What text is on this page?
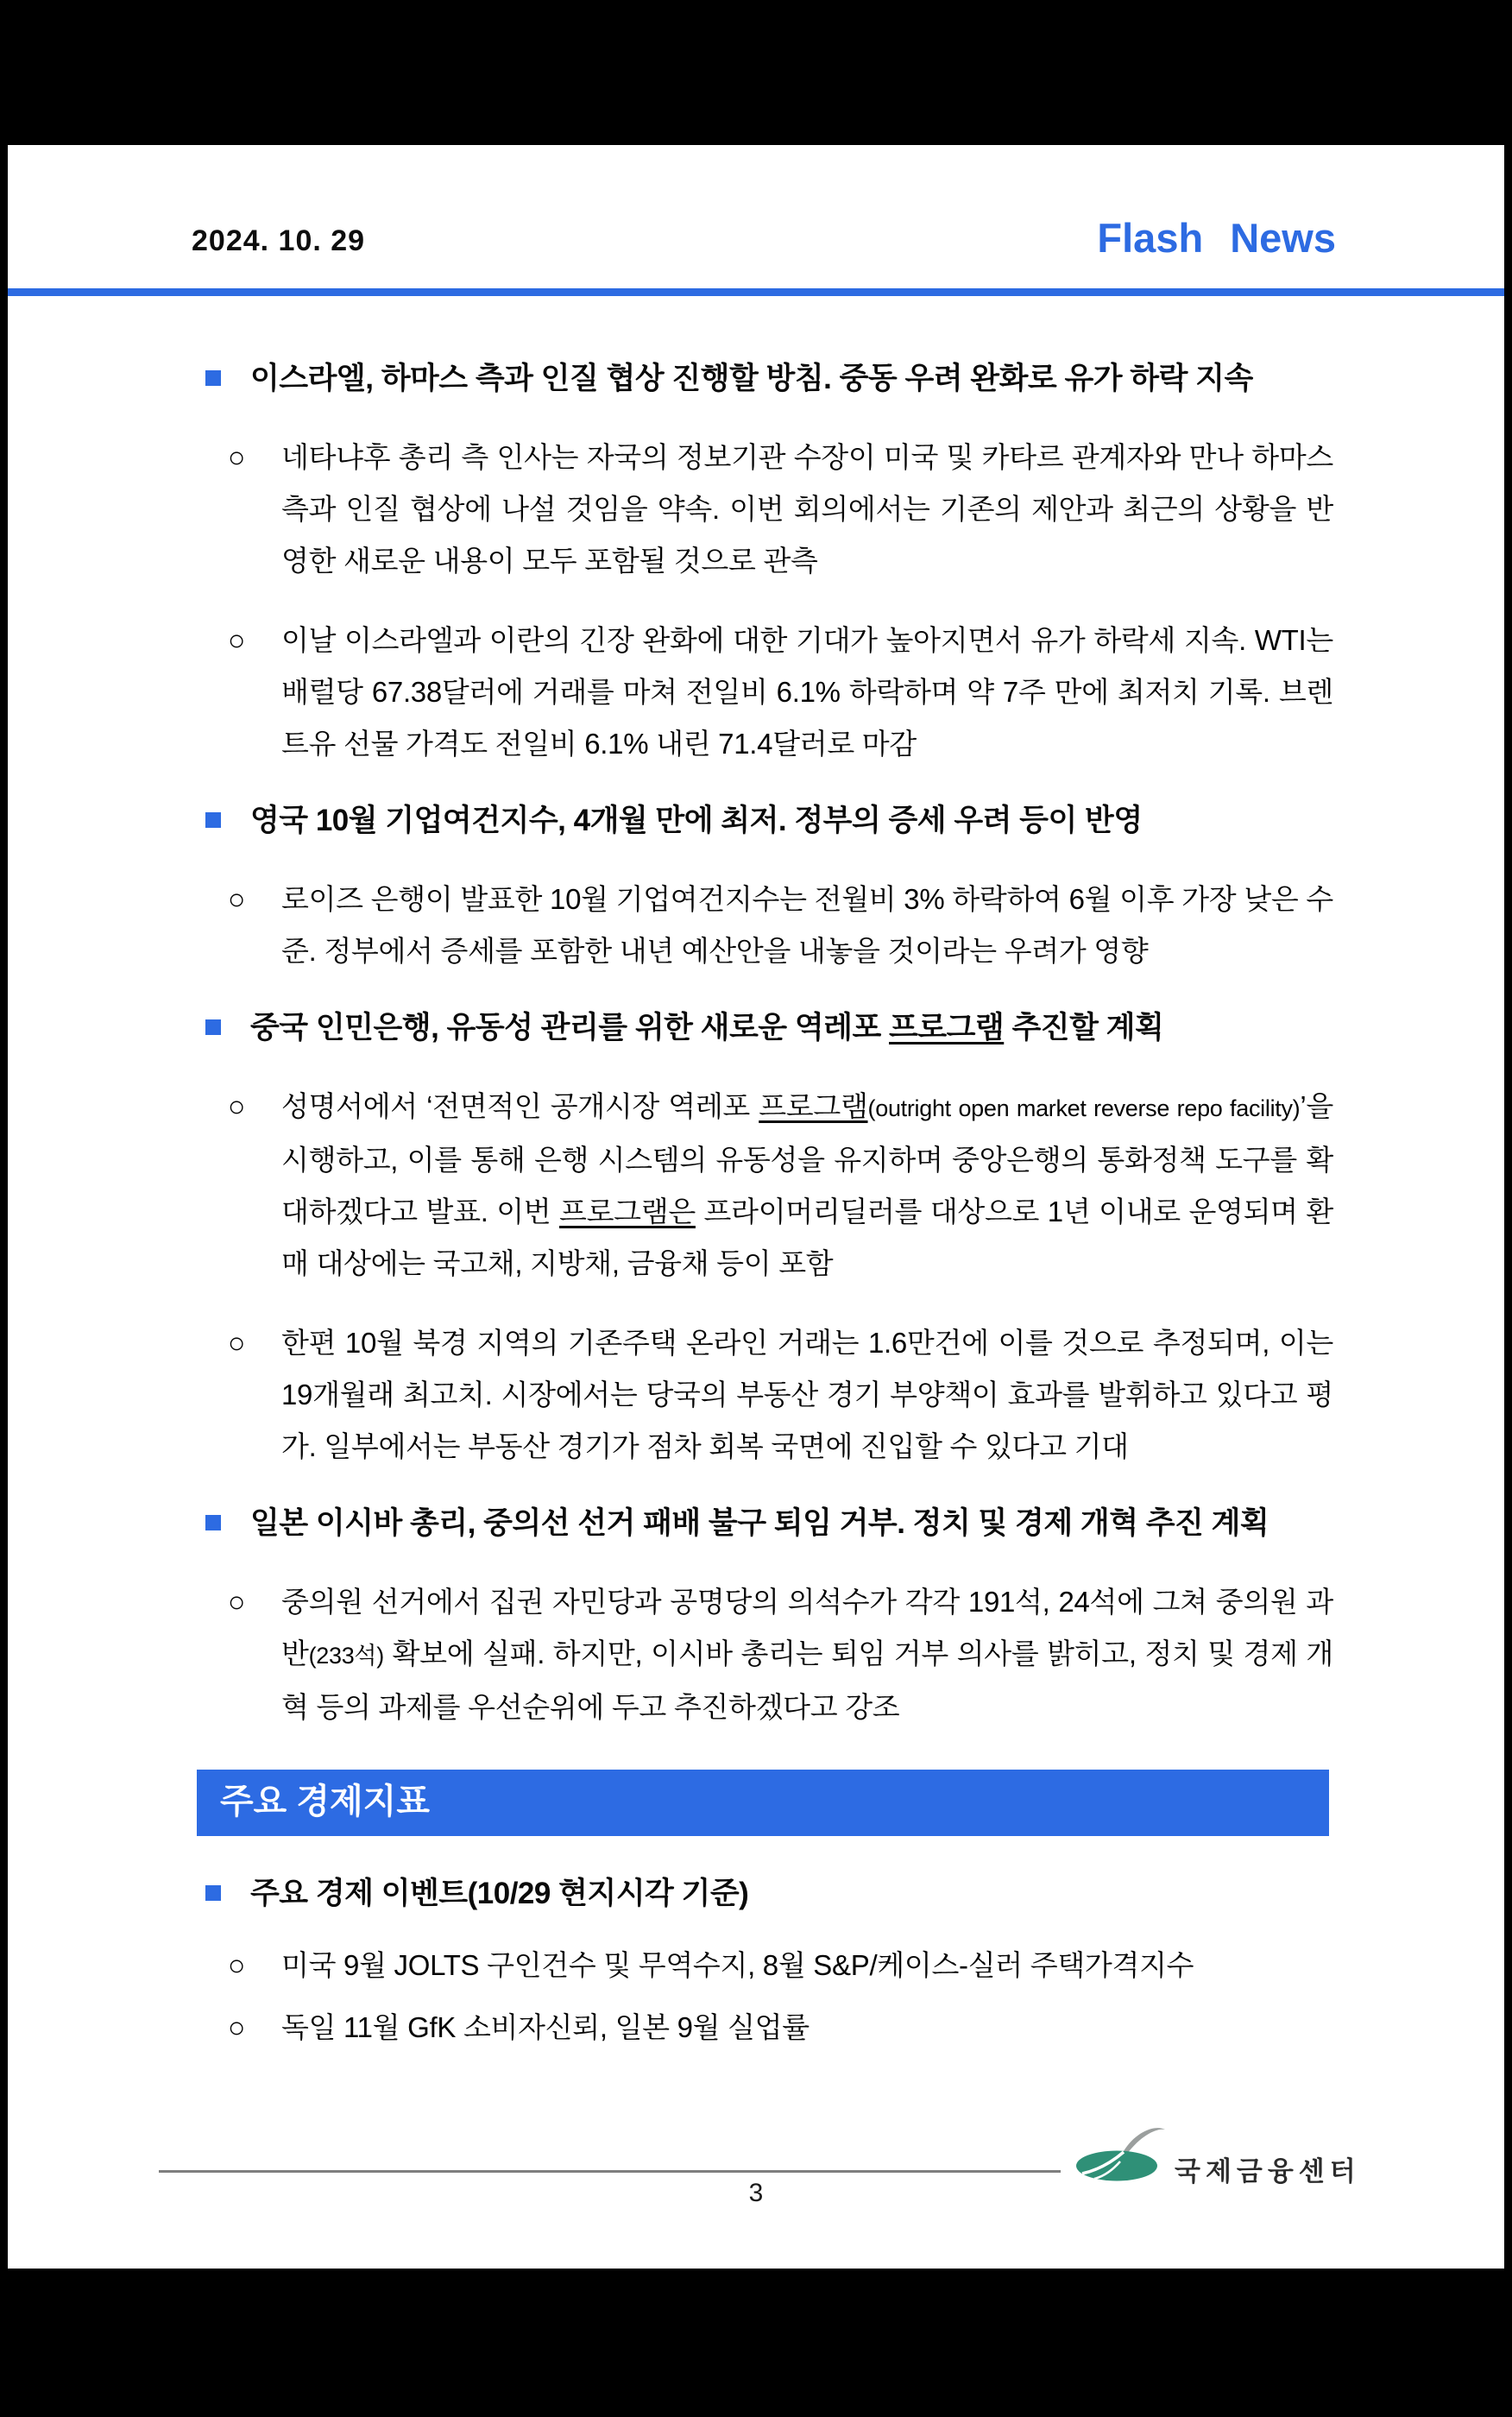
2024. 10. 29	Flash News
이스라엘, 하마스 측과 인질 협상 진행할 방침. 중동 우려 완화로 유가 하락 지속
○ 네타냐후 총리 측 인사는 자국의 정보기관 수장이 미국 및 카타르 관계자와 만나 하마스 측과 인질 협상에 나설 것임을 약속. 이번 회의에서는 기존의 제안과 최근의 상황을 반영한 새로운 내용이 모두 포함될 것으로 관측
○ 이날 이스라엘과 이란의 긴장 완화에 대한 기대가 높아지면서 유가 하락세 지속. WTI는 배럴당 67.38달러에 거래를 마쳐 전일비 6.1% 하락하며 약 7주 만에 최저치 기록. 브렌트유 선물 가격도 전일비 6.1% 내린 71.4달러로 마감
영국 10월 기업여건지수, 4개월 만에 최저. 정부의 증세 우려 등이 반영
○ 로이즈 은행이 발표한 10월 기업여건지수는 전월비 3% 하락하여 6월 이후 가장 낮은 수준. 정부에서 증세를 포함한 내년 예산안을 내놓을 것이라는 우려가 영향
중국 인민은행, 유동성 관리를 위한 새로운 역레포 프로그램 추진할 계획
○ 성명서에서 ‘전면적인 공개시장 역레포 프로그램(outright open market reverse repo facility)’을 시행하고, 이를 통해 은행 시스템의 유동성을 유지하며 중앙은행의 통화정책 도구를 확대하겠다고 발표. 이번 프로그램은 프라이머리딜러를 대상으로 1년 이내로 운영되며 환매 대상에는 국고채, 지방채, 금융채 등이 포함
○ 한편 10월 북경 지역의 기존주택 온라인 거래는 1.6만건에 이를 것으로 추정되며, 이는 19개월래 최고치. 시장에서는 당국의 부동산 경기 부양책이 효과를 발휘하고 있다고 평가. 일부에서는 부동산 경기가 점차 회복 국면에 진입할 수 있다고 기대
일본 이시바 총리, 중의선 선거 패배 불구 퇴임 거부. 정치 및 경제 개혁 추진 계획
○ 중의원 선거에서 집권 자민당과 공명당의 의석수가 각각 191석, 24석에 그쳐 중의원 과반(233석) 확보에 실패. 하지만, 이시바 총리는 퇴임 거부 의사를 밝히고, 정치 및 경제 개혁 등의 과제를 우선순위에 두고 추진하겠다고 강조
주요 경제지표
주요 경제 이벤트(10/29 현지시각 기준)
○ 미국 9월 JOLTS 구인건수 및 무역수지, 8월 S&P/케이스-실러 주택가격지수
○ 독일 11월 GfK 소비자신뢰, 일본 9월 실업률
국제금융센터
3
